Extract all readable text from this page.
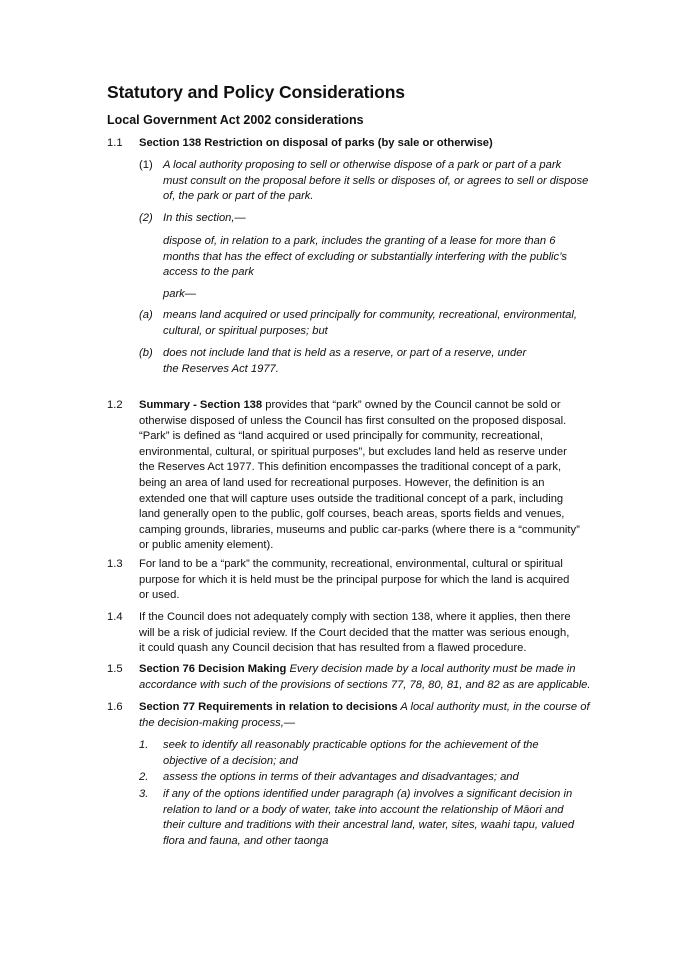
Statutory and Policy Considerations
Local Government Act 2002 considerations
1.1 Section 138 Restriction on disposal of parks (by sale or otherwise)
(1) A local authority proposing to sell or otherwise dispose of a park or part of a park

must consult on the proposal before it sells or disposes of, or agrees to sell or dispose

of, the park or part of the park.

(2) In this section,—

dispose of, in relation to a park, includes the granting of a lease for more than 6

months that has the effect of excluding or substantially interfering with the public’s

access to the park

park—
(a) means land acquired or used principally for community, recreational, environmental,

cultural, or spiritual purposes; but

(b) does not include land that is held as a reserve, or part of a reserve, under

the Reserves Act 1977.

1.2 Summary - Section 138 provides that “park” owned by the Council cannot be sold or

otherwise disposed of unless the Council has first consulted on the proposed disposal.

“Park” is defined as “land acquired or used principally for community, recreational,

environmental, cultural, or spiritual purposes”, but excludes land held as reserve under

the Reserves Act 1977. This definition encompasses the traditional concept of a park,

being an area of land used for recreational purposes. However, the definition is an

extended one that will capture uses outside the traditional concept of a park, including

land generally open to the public, golf courses, beach areas, sports fields and venues,

camping grounds, libraries, museums and public car-parks (where there is a “community”

or public amenity element).

1.3 For land to be a “park” the community, recreational, environmental, cultural or spiritual

purpose for which it is held must be the principal purpose for which the land is acquired

or used.

1.4 If the Council does not adequately comply with section 138, where it applies, then there

will be a risk of judicial review. If the Court decided that the matter was serious enough,

it could quash any Council decision that has resulted from a flawed procedure.

1.5 Section 76 Decision Making Every decision made by a local authority must be made in

accordance with such of the provisions of sections 77, 78, 80, 81, and 82 as are applicable.

1.6 Section 77 Requirements in relation to decisions A local authority must, in the course of

the decision-making process,—

1. seek to identify all reasonably practicable options for the achievement of the

objective of a decision; and

2. assess the options in terms of their advantages and disadvantages; and

3. if any of the options identified under paragraph (a) involves a significant decision in

relation to land or a body of water, take into account the relationship of Māori and

their culture and traditions with their ancestral land, water, sites, waahi tapu, valued

flora and fauna, and other taonga
